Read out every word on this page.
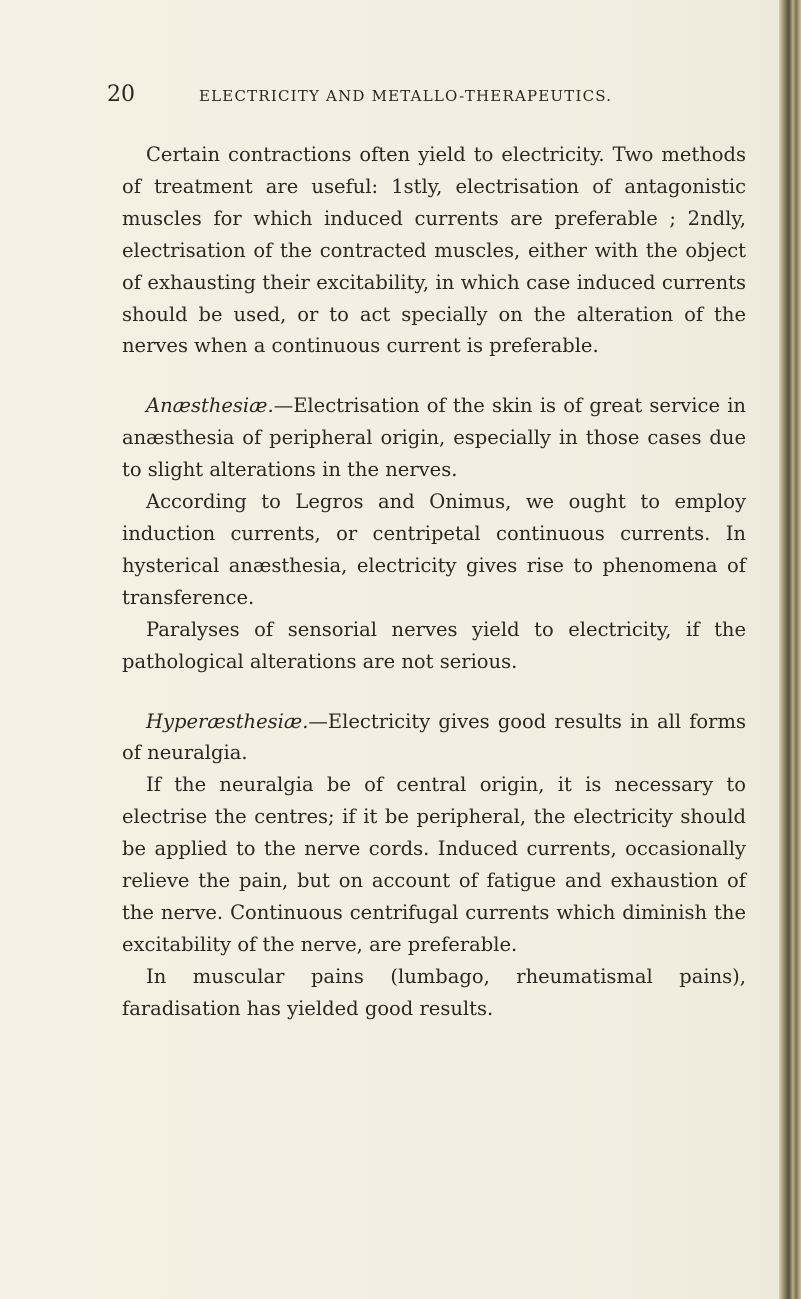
20	ELECTRICITY AND METALLO-THERAPEUTICS.

Certain contractions often yield to electricity. Two methods of treatment are useful: 1stly, electrisation of antagonistic muscles for which induced currents are preferable ; 2ndly, electrisation of the contracted muscles, either with the object of exhausting their excitability, in which case induced currents should be used, or to act specially on the alteration of the nerves when a continuous current is preferable.

Anæsthesiæ.—Electrisation of the skin is of great service in anæsthesia of peripheral origin, especially in those cases due to slight alterations in the nerves.

According to Legros and Onimus, we ought to employ induction currents, or centripetal continuous currents. In hysterical anæsthesia, electricity gives rise to phenomena of transference.

Paralyses of sensorial nerves yield to electricity, if the pathological alterations are not serious.

Hyperæsthesiæ.—Electricity gives good results in all forms of neuralgia.

If the neuralgia be of central origin, it is necessary to electrise the centres; if it be peripheral, the electricity should be applied to the nerve cords. Induced currents, occasionally relieve the pain, but on account of fatigue and exhaustion of the nerve. Continuous centrifugal currents which diminish the excitability of the nerve, are preferable.

In muscular pains (lumbago, rheumatismal pains), faradisation has yielded good results.
